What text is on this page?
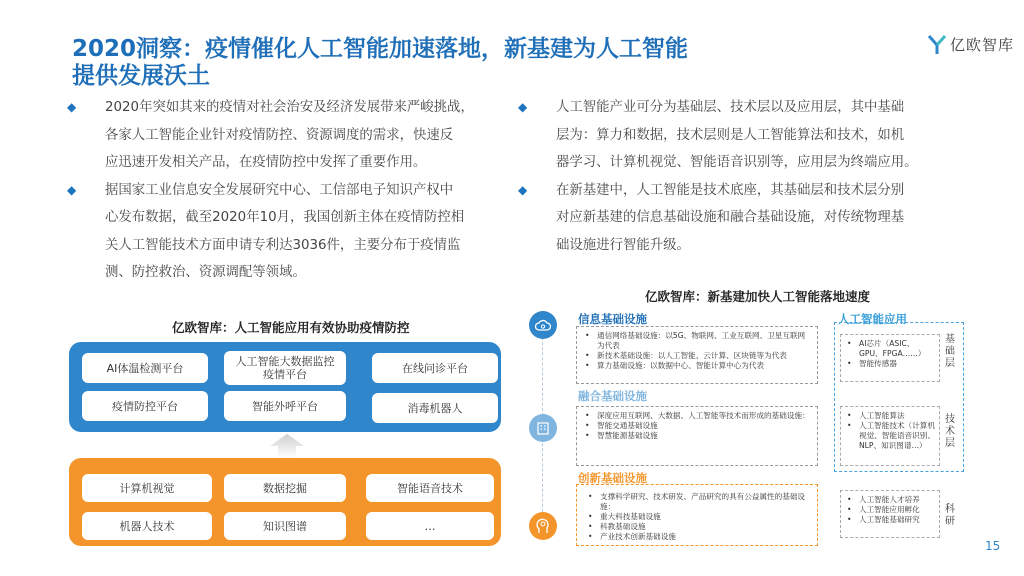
2020洞察：疫情催化人工智能加速落地，新基建为人工智能
提供发展沃土
亿欧智库
◆ 2020年突如其来的疫情对社会治安及经济发展带来严峻挑战，
各家人工智能企业针对疫情防控、资源调度的需求，快速反
应迅速开发相关产品，在疫情防控中发挥了重要作用。
◆ 据国家工业信息安全发展研究中心、工信部电子知识产权中
心发布数据，截至2020年10月，我国创新主体在疫情防控相
关人工智能技术方面申请专利达3036件，主要分布于疫情监
测、防控救治、资源调配等领域。
◆ 人工智能产业可分为基础层、技术层以及应用层，其中基础
层为：算力和数据，技术层则是人工智能算法和技术，如机
器学习、计算机视觉、智能语音识别等，应用层为终端应用。
◆ 在新基建中，人工智能是技术底座，其基础层和技术层分别
对应新基建的信息基础设施和融合基础设施，对传统物理基
础设施进行智能升级。
亿欧智库：人工智能应用有效协助疫情防控
AI体温检测平台	人工智能大数据监控疫情平台	在线问诊平台
疫情防控平台	智能外呼平台	消毒机器人
计算机视觉	数据挖掘	智能语音技术
机器人技术	知识图谱	…
亿欧智库：新基建加快人工智能落地速度
信息基础设施
融合基础设施
创新基础设施
• 通信网络基础设施：以5G、物联网、工业互联网、卫星互联网为代表
• 新技术基础设施：以人工智能、云计算、区块链等为代表
• 算力基础设施：以数据中心、智能计算中心为代表
• 深度应用互联网、大数据、人工智能等技术而形成的基础设施：
• 智能交通基础设施
• 智慧能源基础设施
• 支撑科学研究、技术研发、产品研究的具有公益属性的基础设施：
• 重大科技基础设施
• 科教基础设施
• 产业技术创新基础设施
人工智能应用
• AI芯片（ASIC、GPU、FPGA……）
• 智能传感器
基础层
• 人工智能算法
• 人工智能技术（计算机视觉、智能语音识别、NLP、知识图谱…）
技术层
• 人工智能人才培养
• 人工智能应用孵化
• 人工智能基础研究
科研
15
